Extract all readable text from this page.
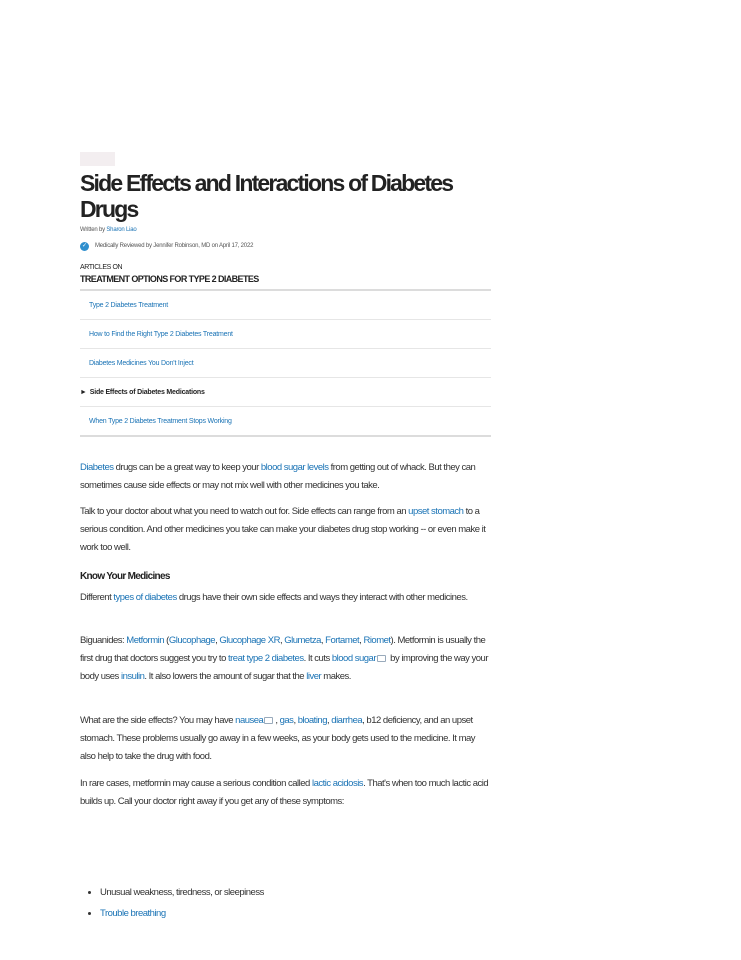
Side Effects and Interactions of Diabetes Drugs
Written by Sharon Liao
✓	Medically Reviewed by Jennifer Robinson, MD on April 17, 2022
ARTICLES ON
TREATMENT OPTIONS FOR TYPE 2 DIABETES
Type 2 Diabetes Treatment
How to Find the Right Type 2 Diabetes Treatment
Diabetes Medicines You Don't Inject
► Side Effects of Diabetes Medications
When Type 2 Diabetes Treatment Stops Working

Diabetes drugs can be a great way to keep your blood sugar levels from getting out of whack. But they can sometimes cause side effects or may not mix well with other medicines you take.

Talk to your doctor about what you need to watch out for. Side effects can range from an upset stomach to a serious condition. And other medicines you take can make your diabetes drug stop working -- or even make it work too well.

Know Your Medicines

Different types of diabetes drugs have their own side effects and ways they interact with other medicines.

Biguanides: Metformin (Glucophage, Glucophage XR, Glumetza, Fortamet, Riomet). Metformin is usually the first drug that doctors suggest you try to treat type 2 diabetes. It cuts blood sugar by improving the way your body uses insulin. It also lowers the amount of sugar that the liver makes.

What are the side effects? You may have nausea , gas, bloating, diarrhea, b12 deficiency, and an upset stomach. These problems usually go away in a few weeks, as your body gets used to the medicine. It may also help to take the drug with food.

In rare cases, metformin may cause a serious condition called lactic acidosis. That's when too much lactic acid builds up. Call your doctor right away if you get any of these symptoms:

• Unusual weakness, tiredness, or sleepiness
• Trouble breathing
